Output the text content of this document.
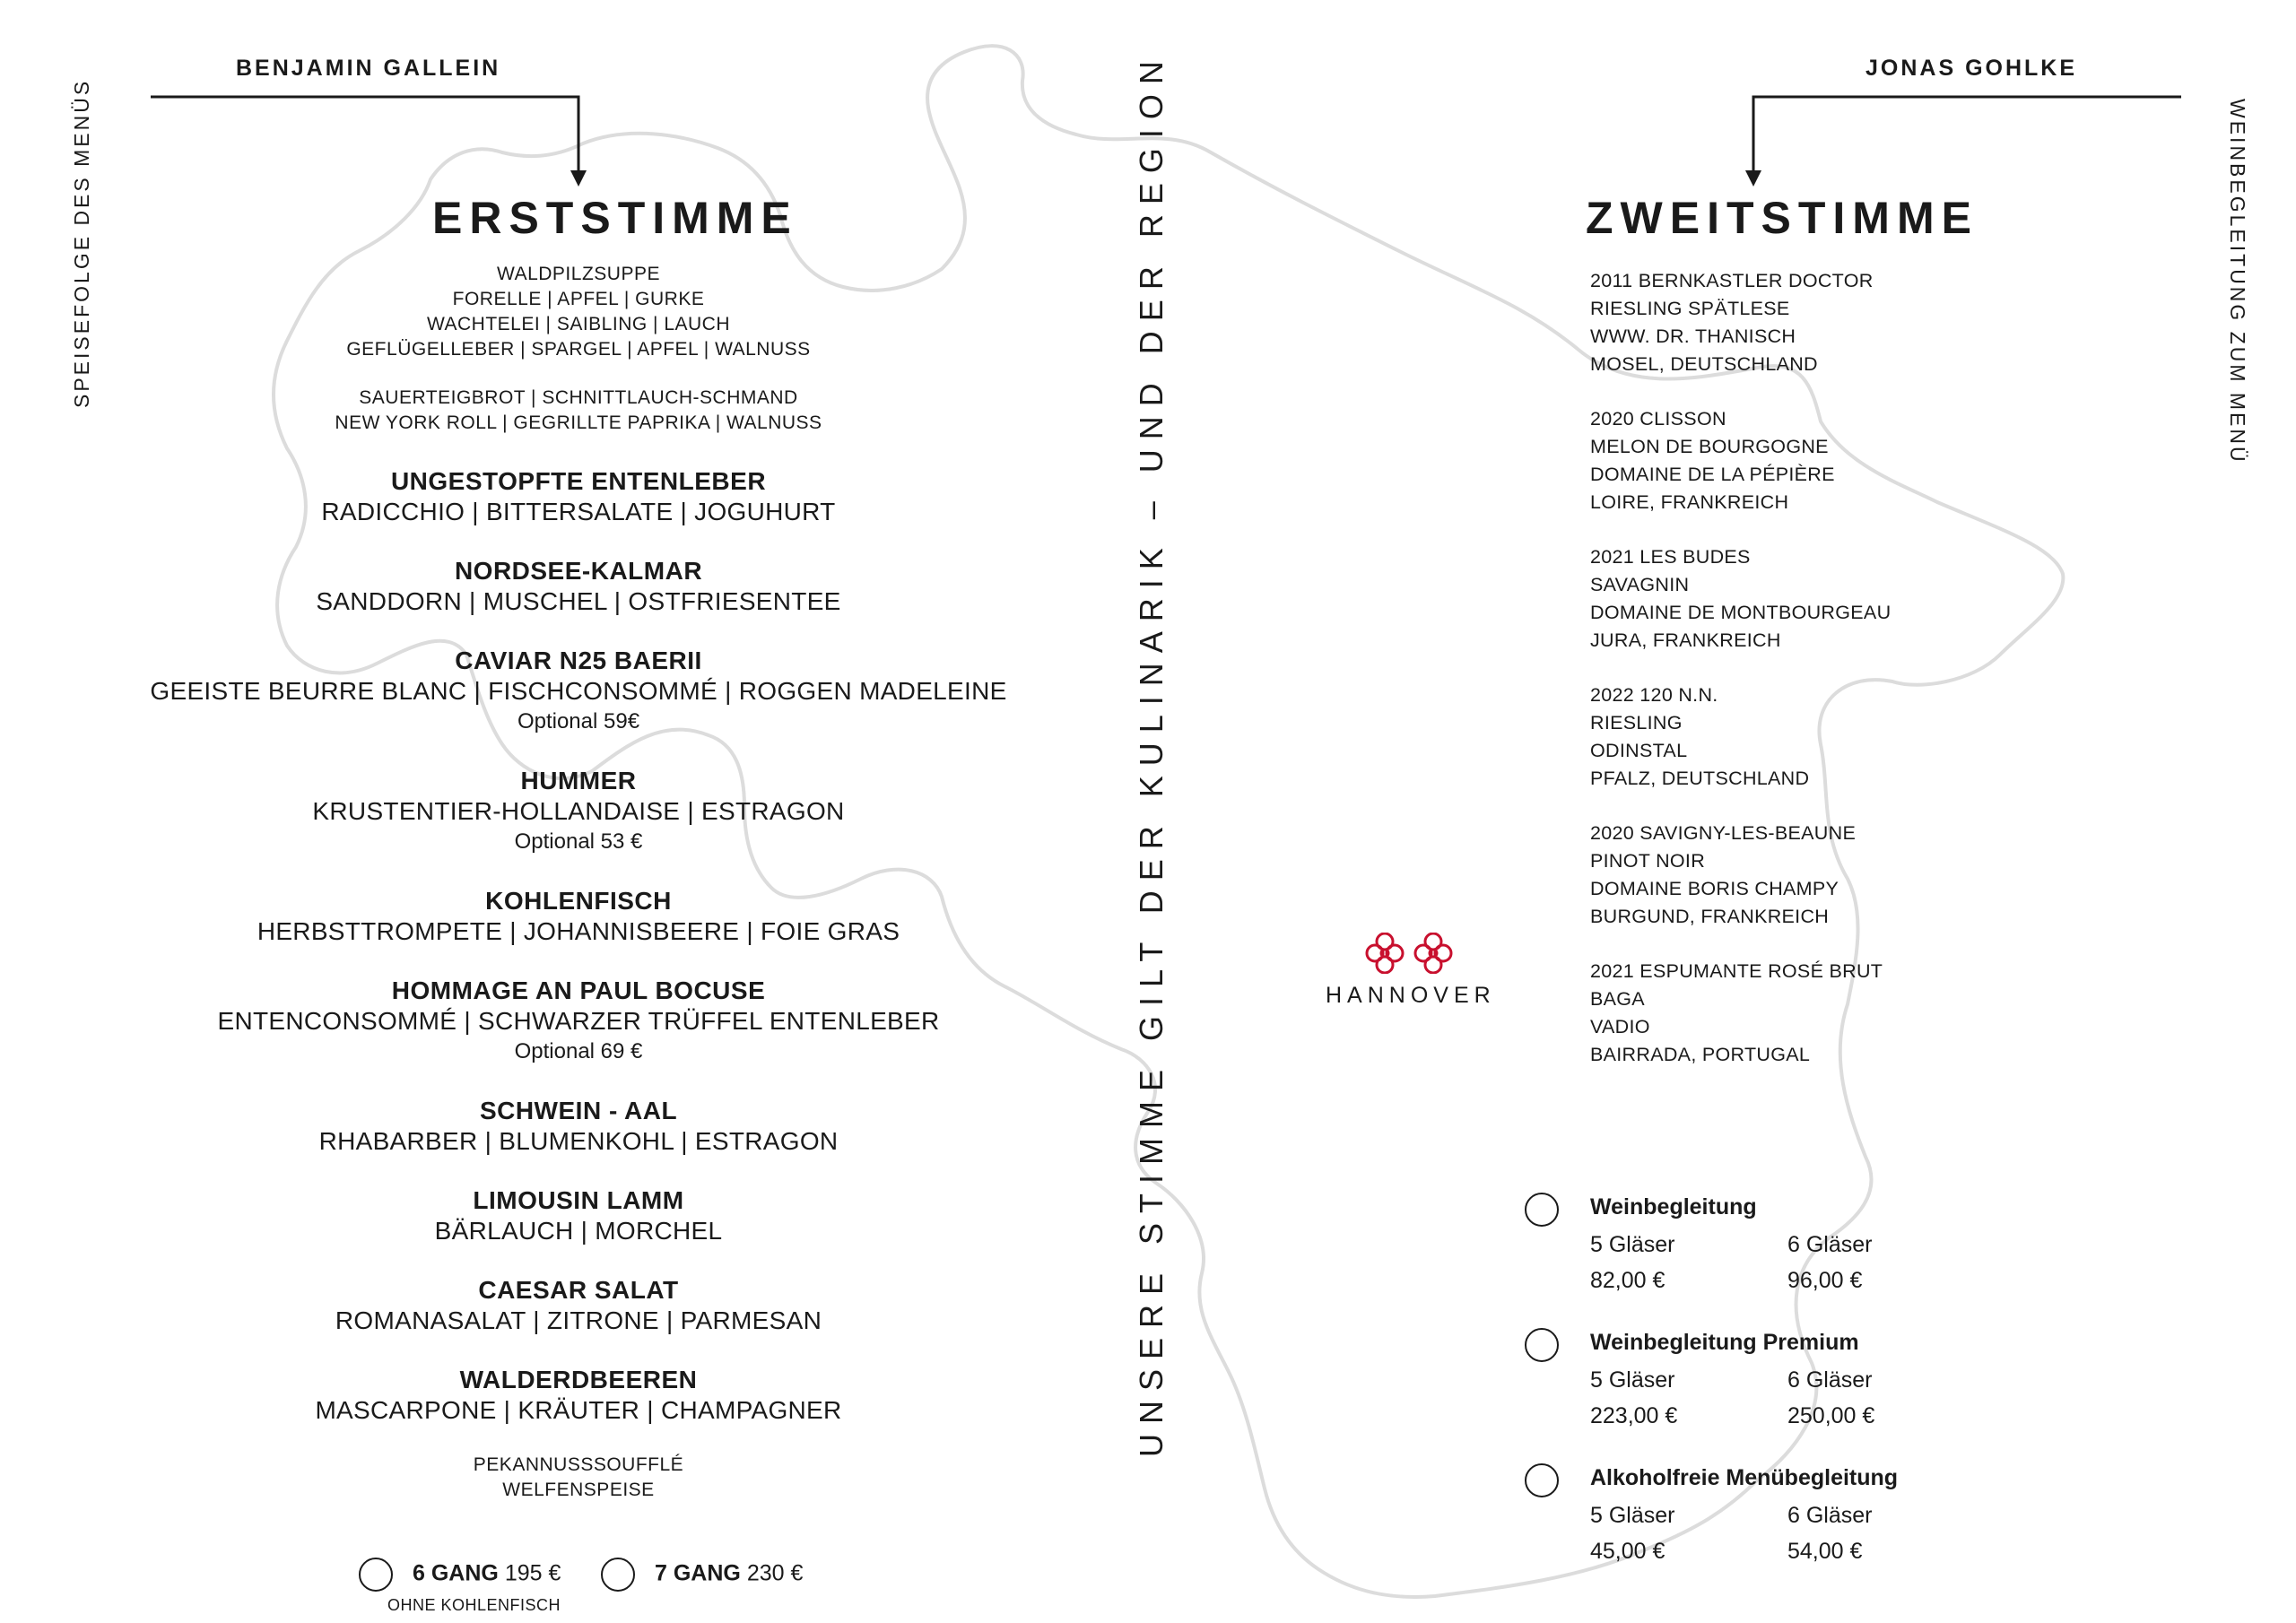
BENJAMIN GALLEIN	JONAS GOHLKE
SPEISEFOLGE DES MENÜS	WEINBEGLEITUNG ZUM MENÜ
UNSERE STIMME GILT DER KULINARIK – UND DER REGION
ERSTSTIMME
WALDPILZSUPPE
FORELLE | APFEL | GURKE
WACHTELEI | SAIBLING | LAUCH
GEFLÜGELLEBER | SPARGEL | APFEL | WALNUSS
SAUERTEIGBROT | SCHNITTLAUCH-SCHMAND
NEW YORK ROLL | GEGRILLTE PAPRIKA | WALNUSS
UNGESTOPFTE ENTENLEBER
RADICCHIO | BITTERSALATE | JOGUHURT
NORDSEE-KALMAR
SANDDORN | MUSCHEL | OSTFRIESENTEE
CAVIAR N25 BAERII
GEEISTE BEURRE BLANC | FISCHCONSOMMÉ | ROGGEN MADELEINE
Optional 59€
HUMMER
KRUSTENTIER-HOLLANDAISE | ESTRAGON
Optional 53 €
KOHLENFISCH
HERBSTTROMPETE | JOHANNISBEERE | FOIE GRAS
HOMMAGE AN PAUL BOCUSE
ENTENCONSOMMÉ | SCHWARZER TRÜFFEL ENTENLEBER
Optional 69 €
SCHWEIN - AAL
RHABARBER | BLUMENKOHL | ESTRAGON
LIMOUSIN LAMM
BÄRLAUCH | MORCHEL
CAESAR SALAT
ROMANASALAT | ZITRONE | PARMESAN
WALDERDBEEREN
MASCARPONE | KRÄUTER | CHAMPAGNER
PEKANNUSSSOUFFLÉ
WELFENSPEISE
6 GANG 195 €	7 GANG 230 €
OHNE KOHLENFISCH
HANNOVER
ZWEITSTIMME
2011 BERNKASTLER DOCTOR
RIESLING SPÄTLESE
WWW. DR. THANISCH
MOSEL, DEUTSCHLAND
2020 CLISSON
MELON DE BOURGOGNE
DOMAINE DE LA PÉPIÈRE
LOIRE, FRANKREICH
2021 LES BUDES
SAVAGNIN
DOMAINE DE MONTBOURGEAU
JURA, FRANKREICH
2022 120 N.N.
RIESLING
ODINSTAL
PFALZ, DEUTSCHLAND
2020 SAVIGNY-LES-BEAUNE
PINOT NOIR
DOMAINE BORIS CHAMPY
BURGUND, FRANKREICH
2021 ESPUMANTE ROSÉ BRUT
BAGA
VADIO
BAIRRADA, PORTUGAL
Weinbegleitung
5 Gläser	6 Gläser
82,00 €	96,00 €
Weinbegleitung Premium
5 Gläser	6 Gläser
223,00 €	250,00 €
Alkoholfreie Menübegleitung
5 Gläser	6 Gläser
45,00 €	54,00 €
